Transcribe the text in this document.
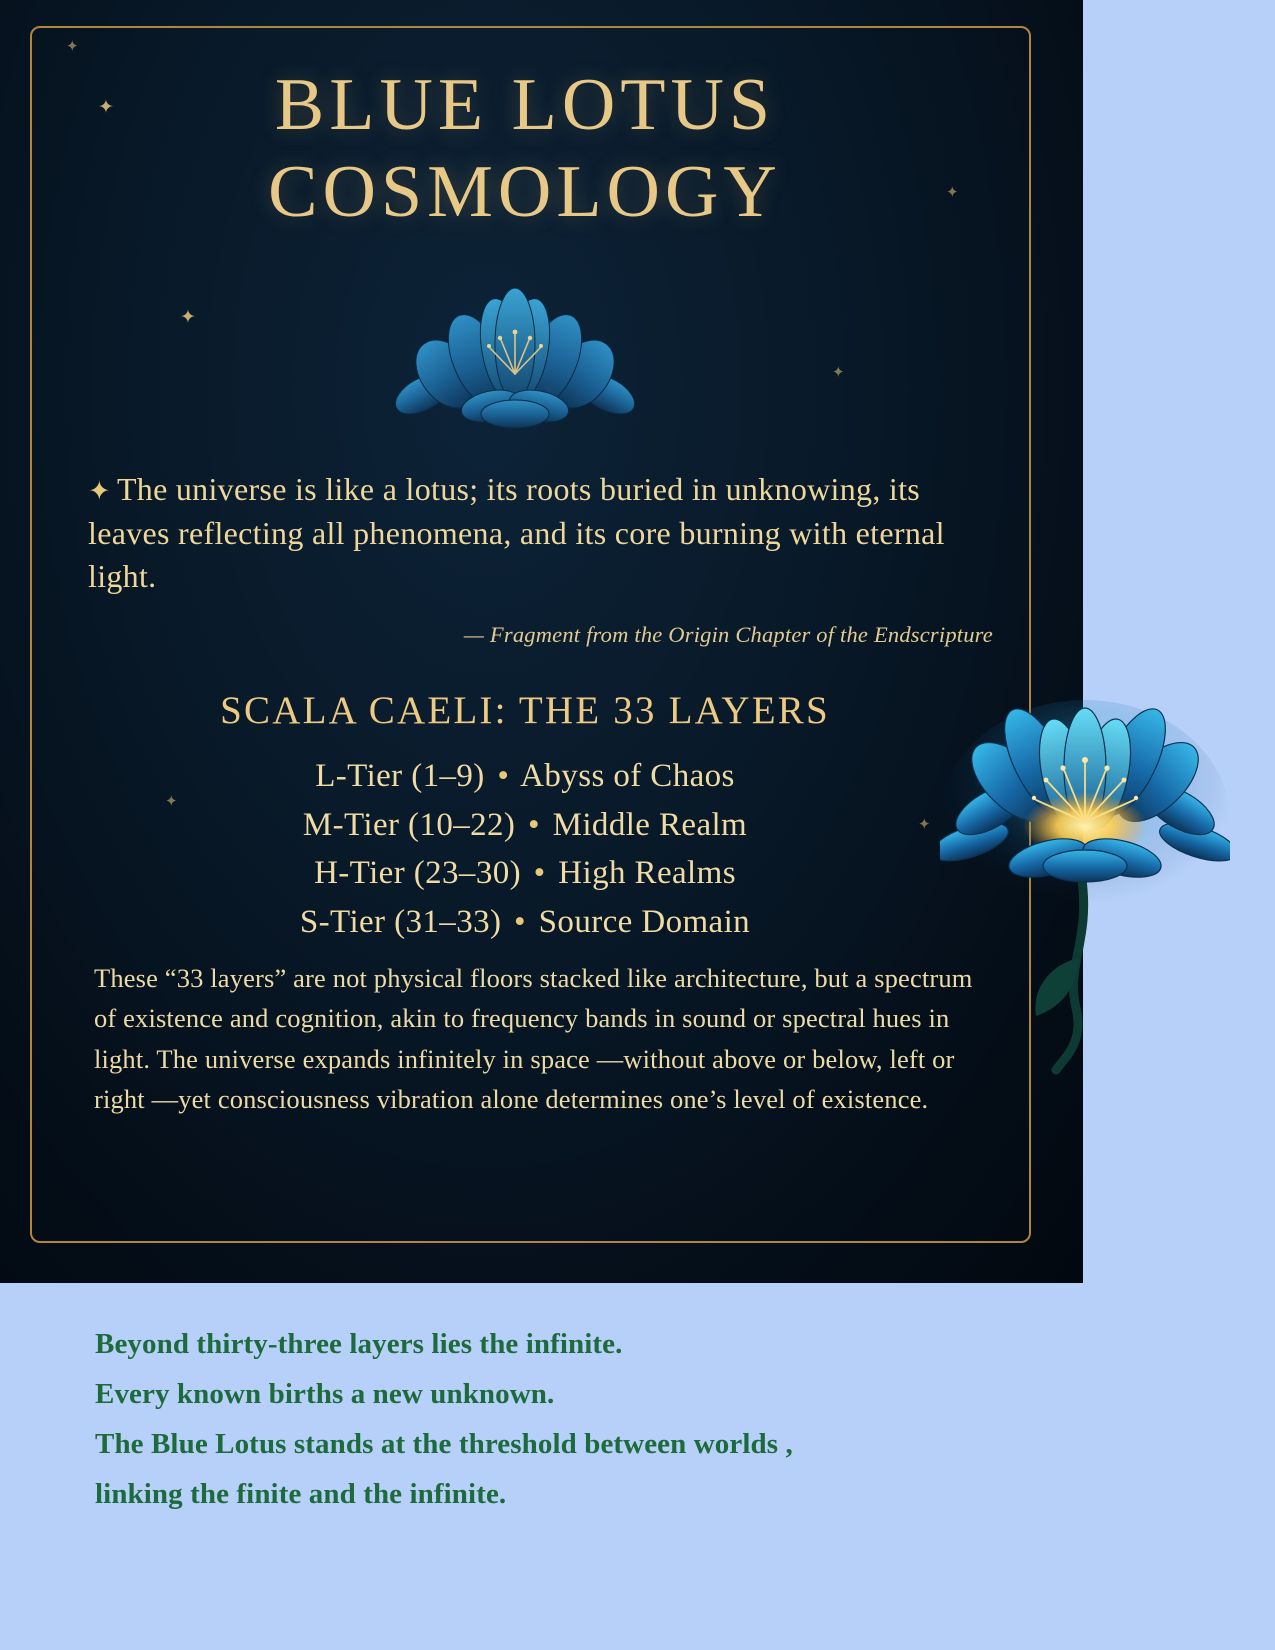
✦
✦
✦
✦
✦
✦
✦
BLUE LOTUS
COSMOLOGY
✦ The universe is like a lotus; its roots buried in unknowing, its leaves reflecting all phenomena, and its core burning with eternal light.
— Fragment from the Origin Chapter of the Endscripture
SCALA CAELI: THE 33 LAYERS
L-Tier (1–9) • Abyss of Chaos
M-Tier (10–22) • Middle Realm
H-Tier (23–30) • High Realms
S-Tier (31–33) • Source Domain
These “33 layers” are not physical floors stacked like architecture, but a spectrum of existence and cognition, akin to frequency bands in sound or spectral hues in light. The universe expands infinitely in space —without above or below, left or right —yet consciousness vibration alone determines one’s level of existence.
Beyond thirty-three layers lies the infinite.
Every known births a new unknown.
The Blue Lotus stands at the threshold between worlds ,
linking the finite and the infinite.
